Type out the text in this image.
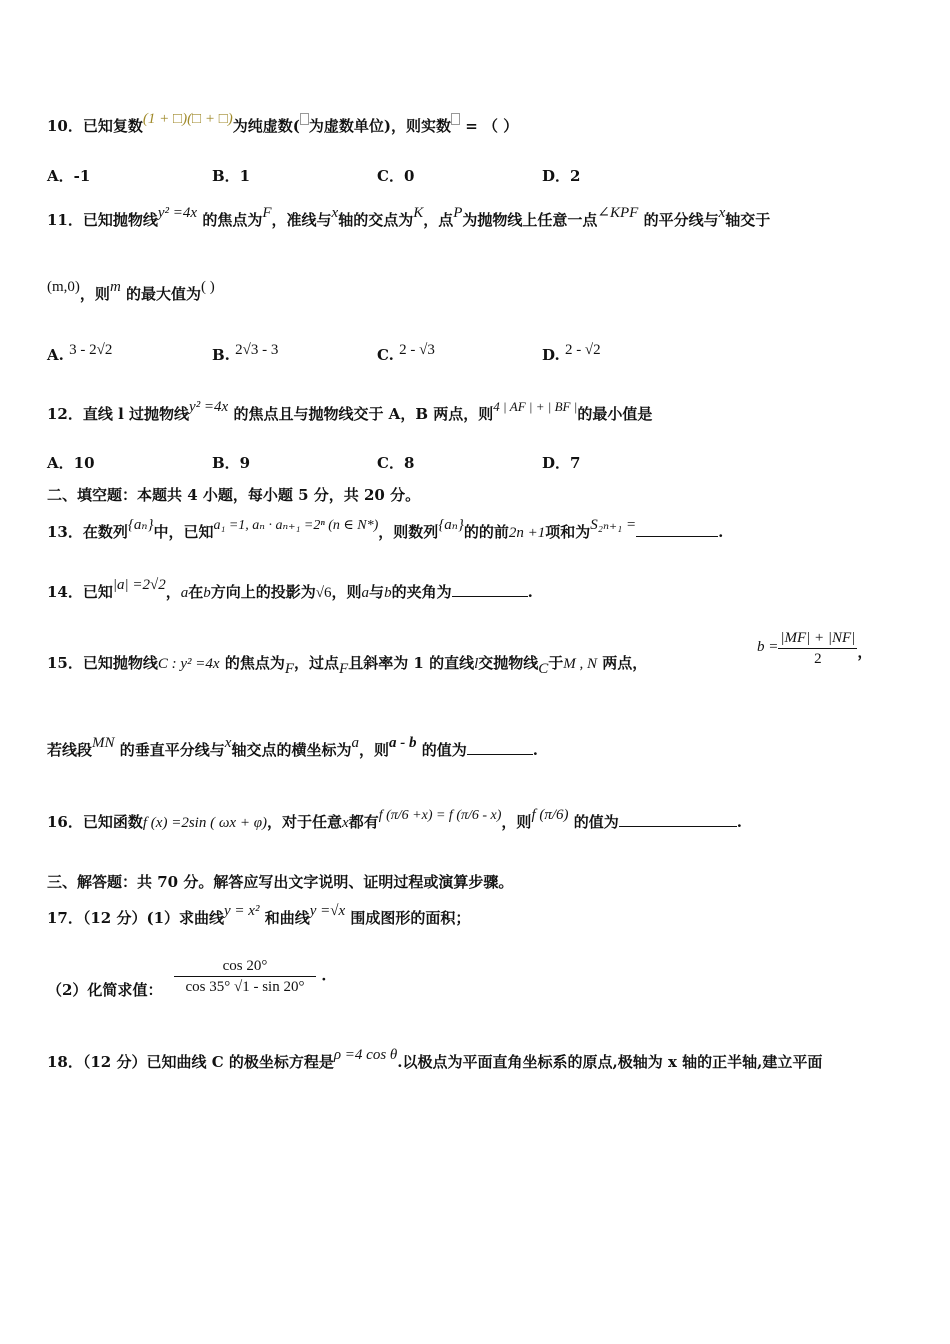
10．已知复数(1 + □)(□ + □)为纯虚数( 为虚数单位)，则实数 = （ ）
A．-1	B．1	C．0	D．2
11．已知抛物线y² =4x 的焦点为F，准线与x轴的交点为K，点P为抛物线上任意一点∠KPF 的平分线与x轴交于
(m,0)，则m 的最大值为( )
A. 3 - 2√2	B. 2√3 - 3	C. 2 - √3	D. 2 - √2
12．直线 l 过抛物线y² =4x 的焦点且与抛物线交于 A，B 两点，则4 | AF | + | BF |的最小值是
A．10	B．9	C．8	D．7
二、填空题：本题共 4 小题，每小题 5 分，共 20 分。
13．在数列{aₙ}中，已知a₁ =1, aₙ · aₙ₊₁ =2ⁿ (n ∈ N*)，则数列{aₙ}的的前2n +1项和为S₂ₙ₊₁ =	.
14．已知|a| =2√2，a在b方向上的投影为√6，则a与b的夹角为	.
15．已知抛物线C : y² =4x 的焦点为F，过点F且斜率为 1 的直线l交抛物线C于M , N 两点，
$b = \frac{|MF| + |NF|}{2}$ ，
若线段MN 的垂直平分线与x轴交点的横坐标为a，则a - b 的值为	.
16．已知函数f (x) =2sin ( ωx + φ)，对于任意x都有f (π/6 +x) = f (π/6 - x)，则f (π/6) 的值为	.
三、解答题：共 70 分。解答应写出文字说明、证明过程或演算步骤。
17．（12 分）(1）求曲线y = x² 和曲线y =√x 围成图形的面积；
（2）化简求值： $\frac{\cos 20^\circ}{\cos 35^\circ √1 - \sin 20^\circ}$ .
18．（12 分）已知曲线 C 的极坐标方程是ρ =4 cos θ.以极点为平面直角坐标系的原点,极轴为 x 轴的正半轴,建立平面
